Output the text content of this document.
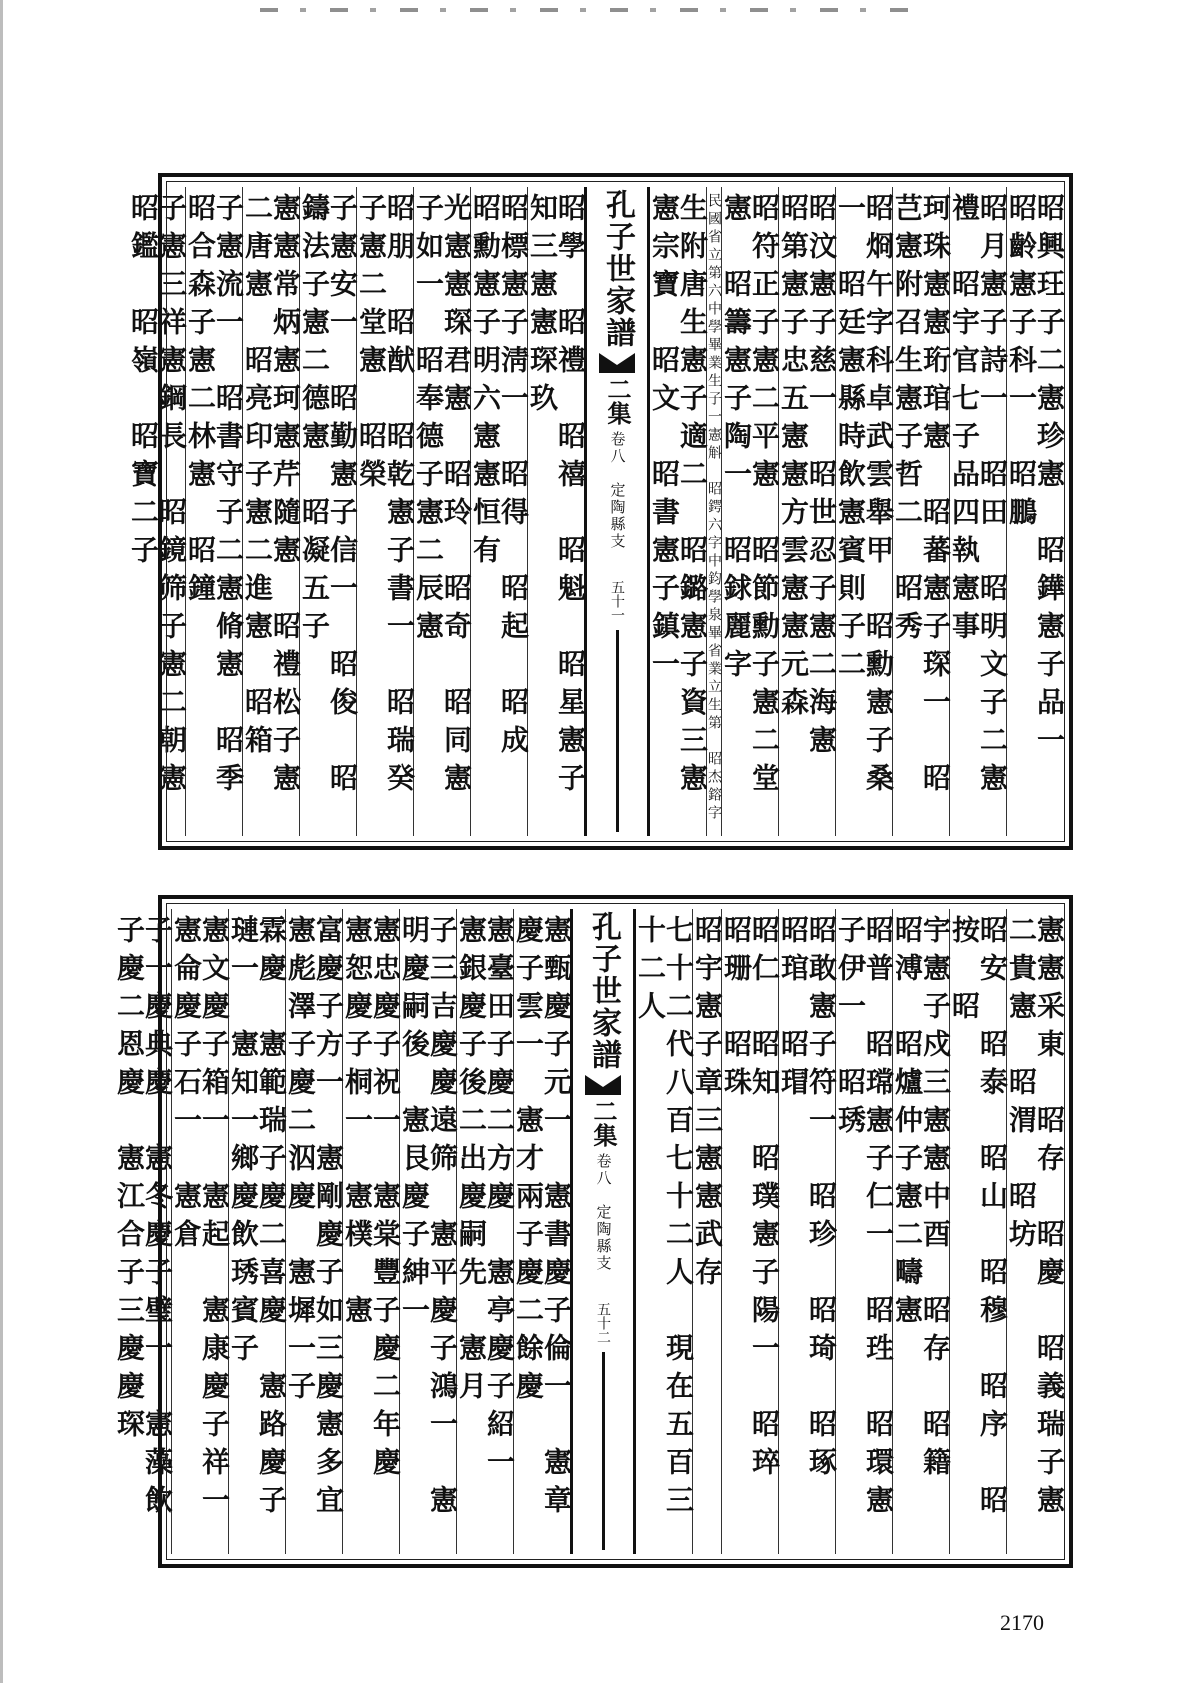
昭興玨子二憲珍憲　昭鏵憲子品一　昭齡憲子科一　昭鵬
昭月憲子詩一　昭田　昭明文子二憲禮　昭宇官七子品四執憲事
珂珠憲憲珩琯憲　昭蕃憲子琛一　昭芑憲附召生憲子哲二　昭秀
昭烱午字科卓武雲舉甲　昭勳憲子桑一　昭廷憲縣時飲憲賓則子二
昭汶憲子慈一　昭世忍子憲二海憲　昭第憲子忠五憲憲方雲憲憲元森
昭符正子憲二平憲　昭節勳子憲二堂憲　昭籌憲子陶一　昭銶麗字
民國省立第六中學畢業生子一憲斛　昭鍔六字中鈞學泉畢省業立生第　昭杰鎔字
生附唐生憲子適二　昭鏴憲子資三憲憲宗寶　昭文　昭書憲子鎮一
孔子世家譜
二
集
卷八　定陶縣支
五十一
昭學　昭禮　昭禧　昭魁　昭星憲子知三憲憲琛玖
昭標憲子淸一　昭得　昭起　昭成　昭勳憲子明六憲憲恒有
光憲憲琛君憲　昭玲　昭奇　昭同憲子如一　昭奉德子憲二辰憲
昭朋　昭猷　昭乾憲子書一　昭瑞癸子憲二堂憲　昭榮
子憲安一　昭勤憲子信一　昭俊　昭鑄法子憲二德憲　昭凝五子
憲憲常炳憲珂憲芹隨憲　昭禮松子憲二唐憲　昭亮印子憲二進憲　昭箱
子憲流一　昭書守子二憲脩憲　昭季　昭合森子憲二林憲　昭鐘
子憲三祥憲鋼長　昭鏡筛子憲二朝憲　昭鑑　昭嶺　昭寶二子
憲憲采東　昭存　昭慶　昭義瑞子憲二貴憲　昭渭　昭坊
昭安　昭泰　昭山　昭穆　昭序　昭按　昭
宇憲子戍三憲憲中酉　昭存　昭籍　昭溥　昭爐仲子憲二疇憲
昭普　昭瑺憲子仁一　昭珄　昭環憲子伊一　昭琇
昭敢憲子符一　昭珍　昭琦　昭琢　昭琯　昭瑁
昭仁　昭知　昭璞憲子陽一　昭琗　昭珊　昭珠
昭宇憲子章三憲憲武存
七十二代八百七十二人　現在五百三十二人
孔子世家譜
二
集
卷八　定陶縣支
五十二
憲甄慶子元一　憲書慶子倫一　憲章慶子雲一　憲才兩子慶二餘慶
憲臺田子慶二方慶　憲亭慶子紹一　憲銀慶子後二出慶嗣先　憲月
子三吉慶慶遠筛　憲平慶子鴻一　憲明慶嗣後　憲艮慶子紳一
憲忠慶子祝一　憲棠豐子慶二年慶　憲恕慶子桐一　憲樸　憲
富慶子方一　憲剛慶子如三慶憲多宜　憲彪澤子慶二泅慶　憲墀一子
霖慶　憲範瑞子慶二喜慶　憲路慶子璉一　憲知一鄉慶飲琇賓子
憲文慶子箱一　憲起　憲康慶子祥一　憲侖慶子石一　憲倉
子一慶典慶　憲冬慶子璧一　憲藻飲子慶二恩慶　憲江合子三慶慶琛
2170
